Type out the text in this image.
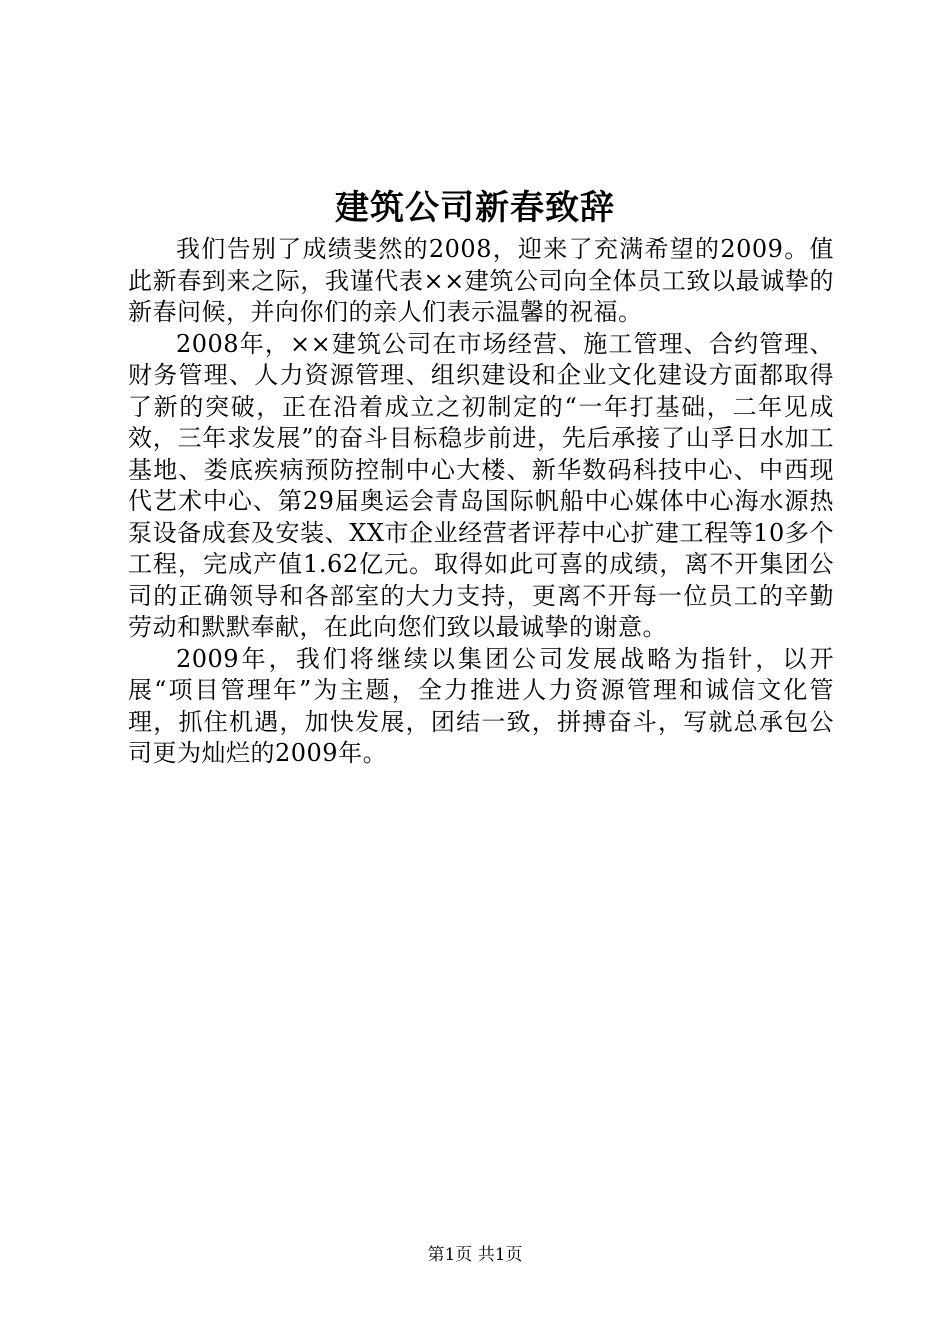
建筑公司新春致辞

我们告别了成绩斐然的2008，迎来了充满希望的2009。值此新春到来之际，我谨代表××建筑公司向全体员工致以最诚挚的新春问候，并向你们的亲人们表示温馨的祝福。

2008年，××建筑公司在市场经营、施工管理、合约管理、财务管理、人力资源管理、组织建设和企业文化建设方面都取得了新的突破，正在沿着成立之初制定的“一年打基础，二年见成效，三年求发展”的奋斗目标稳步前进，先后承接了山孚日水加工基地、娄底疾病预防控制中心大楼、新华数码科技中心、中西现代艺术中心、第29届奥运会青岛国际帆船中心媒体中心海水源热泵设备成套及安装、XX市企业经营者评荐中心扩建工程等10多个工程，完成产值1.62亿元。取得如此可喜的成绩，离不开集团公司的正确领导和各部室的大力支持，更离不开每一位员工的辛勤劳动和默默奉献，在此向您们致以最诚挚的谢意。

2009年，我们将继续以集团公司发展战略为指针，以开展“项目管理年”为主题，全力推进人力资源管理和诚信文化管理，抓住机遇，加快发展，团结一致，拼搏奋斗，写就总承包公司更为灿烂的2009年。

第1页 共1页
